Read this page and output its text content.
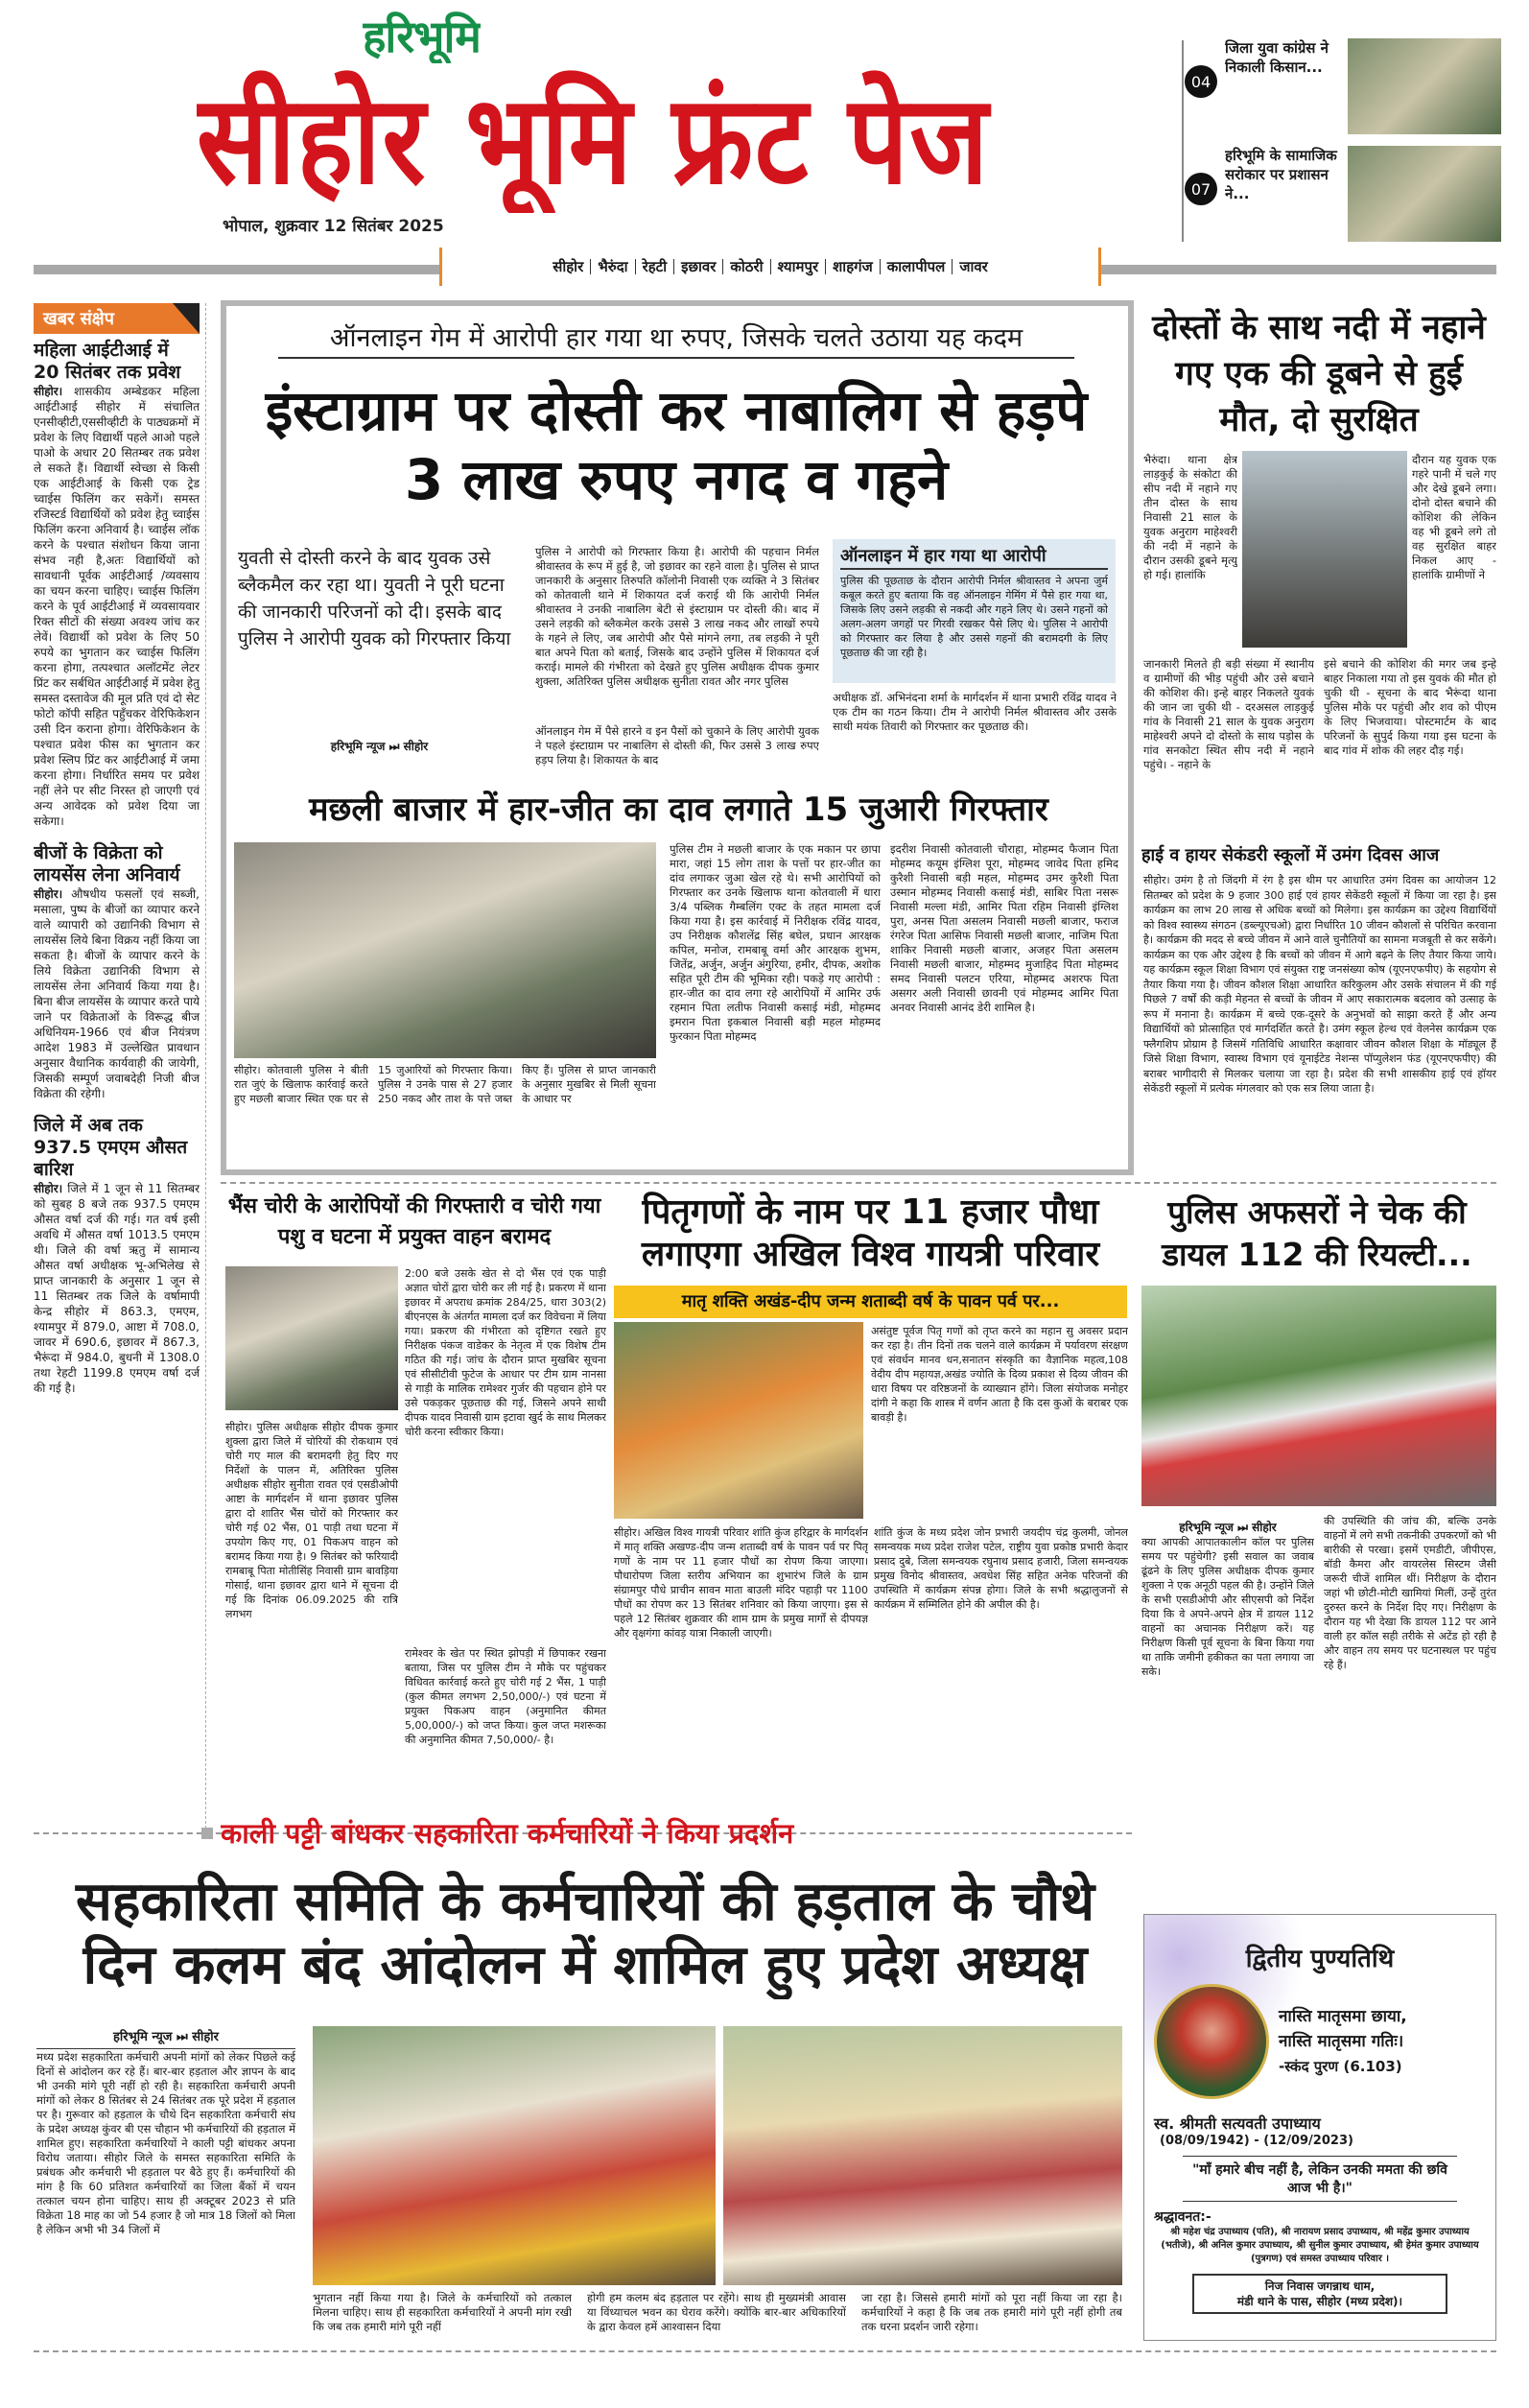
हरिभूमि
सीहोर भूमि फ्रंट पेज
भोपाल, शुक्रवार 12 सितंबर 2025
04
जिला युवा कांग्रेस ने निकाली किसान...
07
हरिभूमि के सामाजिक सरोकार पर प्रशासन ने...
सीहोर	भैरुंदा	रेहटी	इछावर	कोठरी	श्यामपुर	शाहगंज	कालापीपल	जावर
खबर संक्षेप
महिला आईटीआई में 20 सितंबर तक प्रवेश

सीहोर। शासकीय अम्बेडकर महिला आईटीआई सीहोर में संचालित एनसीव्हीटी,एससीव्हीटी के पाठ्यक्रमों में प्रवेश के लिए विद्यार्थी पहले आओ पहले पाओ के अधार 20 सितम्बर तक प्रवेश ले सकते हैं। विद्यार्थी स्वेच्छा से किसी एक आईटीआई के किसी एक ट्रेड च्वाईस फिलिंग कर सकेगें। समस्त रजिस्टर्ड विद्यार्थियों को प्रवेश हेतु च्वाईस फिलिंग करना अनिवार्य है। च्वाईस लॉक करने के पश्चात संशोधन किया जाना संभव नही है,अतः विद्यार्थियों को सावधानी पूर्वक आईटीआई /व्यवसाय का चयन करना चाहिए। च्वाईस फिलिंग करने के पूर्व आईटीआई में व्यवसायवार रिक्त सीटों की संख्या अवश्य जांच कर लेवें। विद्यार्थी को प्रवेश के लिए 50 रुपये का भुगतान कर च्वाईस फिलिंग करना होगा, तत्पश्चात अलॉटमेंट लेटर प्रिंट कर सर्बधित आईटीआई में प्रवेश हेतु समस्त दस्तावेज की मूल प्रति एवं दो सेट फोटो कॉपी सहित पहुँचकर वेरिफिकेशन उसी दिन कराना होगा। वेरिफिकेशन के पश्चात प्रवेश फीस का भुगतान कर प्रवेश स्लिप प्रिंट कर आईटीआई में जमा करना होगा। निर्धारित समय पर प्रवेश नहीं लेने पर सीट निरस्त हो जाएगी एवं अन्य आवेदक को प्रवेश दिया जा सकेगा।

बीजों के विक्रेता को लायसेंस लेना अनिवार्य

सीहोर। औषधीय फसलों एवं सब्जी, मसाला, पुष्प के बीजों का व्यापार करने वाले व्यापारी को उद्यानिकी विभाग से लायसेंस लिये बिना विक्रय नहीं किया जा सकता है। बीजों के व्यापार करने के लिये विक्रेता उद्यानिकी विभाग से लायसेंस लेना अनिवार्य किया गया है। बिना बीज लायसेंस के व्यापार करते पाये जाने पर विक्रेताओं के विरूद्ध बीज अधिनियम-1966 एवं बीज नियंत्रण आदेश 1983 में उल्लेखित प्रावधान अनुसार वैधानिक कार्यवाही की जायेगी, जिसकी सम्पूर्ण जवाबदेही निजी बीज विक्रेता की रहेगी।

जिले में अब तक 937.5 एमएम औसत बारिश

सीहोर। जिले में 1 जून से 11 सितम्बर को सुबह 8 बजे तक 937.5 एमएम औसत वर्षा दर्ज की गई। गत वर्ष इसी अवधि में औसत वर्षा 1013.5 एमएम थी। जिले की वर्षा ऋतु में सामान्य औसत वर्षा अधीक्षक भू-अभिलेख से प्राप्त जानकारी के अनुसार 1 जून से 11 सितम्बर तक जिले के वर्षामापी केन्द्र सीहोर में 863.3, एमएम, श्यामपुर में 879.0, आष्टा में 708.0, जावर में 690.6, इछावर में 867.3, भैरूंदा में 984.0, बुधनी में 1308.0 तथा रेहटी 1199.8 एमएम वर्षा दर्ज की गई है।

ऑनलाइन गेम में आरोपी हार गया था रुपए, जिसके चलते उठाया यह कदम
इंस्टाग्राम पर दोस्ती कर नाबालिग से हड़पे 3 लाख रुपए नगद व गहने
युवती से दोस्ती करने के बाद युवक उसे ब्लैकमैल कर रहा था। युवती ने पूरी घटना की जानकारी परिजनों को दी। इसके बाद पुलिस ने आरोपी युवक को गिरफ्तार किया
हरिभूमि न्यूज ⏭ सीहोर
पुलिस ने आरोपी को गिरफ्तार किया है। आरोपी की पहचान निर्मल श्रीवास्तव के रूप में हुई है, जो इछावर का रहने वाला है। पुलिस से प्राप्त जानकारी के अनुसार तिरुपति कॉलोनी निवासी एक व्यक्ति ने 3 सितंबर को कोतवाली थाने में शिकायत दर्ज कराई थी कि आरोपी निर्मल श्रीवास्तव ने उनकी नाबालिग बेटी से इंस्टाग्राम पर दोस्ती की। बाद में उसने लड़की को ब्लैकमेल करके उससे 3 लाख नकद और लाखों रुपये के गहने ले लिए, जब आरोपी और पैसे मांगने लगा, तब लड़की ने पूरी बात अपने पिता को बताई, जिसके बाद उन्होंने पुलिस में शिकायत दर्ज कराई। मामले की गंभीरता को देखते हुए पुलिस अधीक्षक दीपक कुमार शुक्ला, अतिरिक्त पुलिस अधीक्षक सुनीता रावत और नगर पुलिस
ऑनलाइन गेम में पैसे हारने व इन पैसों को चुकाने के लिए आरोपी युवक ने पहले इंस्टाग्राम पर नाबालिग से दोस्ती की, फिर उससे 3 लाख रुपए हड़प लिया है। शिकायत के बाद
ऑनलाइन में हार गया था आरोपी
पुलिस की पूछताछ के दौरान आरोपी निर्मल श्रीवास्तव ने अपना जुर्म कबूल करते हुए बताया कि वह ऑनलाइन गेमिंग में पैसे हार गया था, जिसके लिए उसने लड़की से नकदी और गहने लिए थे। उसने गहनों को अलग-अलग जगहों पर गिरवी रखकर पैसे लिए थे। पुलिस ने आरोपी को गिरफ्तार कर लिया है और उससे गहनों की बरामदगी के लिए पूछताछ की जा रही है।
अधीक्षक डॉ. अभिनंदना शर्मा के मार्गदर्शन में थाना प्रभारी रविंद्र यादव ने एक टीम का गठन किया। टीम ने आरोपी निर्मल श्रीवास्तव और उसके साथी मयंक तिवारी को गिरफ्तार कर पूछताछ की।
मछली बाजार में हार-जीत का दाव लगाते 15 जुआरी गिरफ्तार
सीहोर। कोतवाली पुलिस ने बीती रात जुएं के खिलाफ कार्रवाई करते हुए मछली बाजार स्थित एक घर से 15 जुआरियों को गिरफ्तार किया। पुलिस ने उनके पास से 27 हजार 250 नकद और ताश के पत्ते जब्त किए हैं। पुलिस से प्राप्त जानकारी के अनुसार मुखबिर से मिली सूचना के आधार पर
पुलिस टीम ने मछली बाजार के एक मकान पर छापा मारा, जहां 15 लोग ताश के पत्तों पर हार-जीत का दांव लगाकर जुआ खेल रहे थे। सभी आरोपियों को गिरफ्तार कर उनके खिलाफ थाना कोतवाली में धारा 3/4 पब्लिक गैम्बलिंग एक्ट के तहत मामला दर्ज किया गया है। इस कार्रवाई में निरीक्षक रविंद्र यादव, उप निरीक्षक कौशलेंद्र सिंह बघेल, प्रधान आरक्षक कपिल, मनोज, रामबाबू वर्मा और आरक्षक शुभम, जितेंद्र, अर्जुन, अर्जुन अंगुरिया, हमीर, दीपक, अशोक सहित पूरी टीम की भूमिका रही। पकड़े गए आरोपी : हार-जीत का दाव लगा रहे आरोपियों में आमिर उर्फ रहमान पिता लतीफ निवासी कसाई मंडी, मोहम्मद इमरान पिता इकबाल निवासी बड़ी महल मोहम्मद फुरकान पिता मोहम्मद
इदरीश निवासी कोतवाली चौराहा, मोहम्मद फैजान पिता मोहम्मद कयूम इंग्लिश पूरा, मोहम्मद जावेद पिता हमिद कुरैशी निवासी बड़ी महल, मोहम्मद उमर कुरैशी पिता उस्मान मोहम्मद निवासी कसाई मंडी, साबिर पिता नसरू निवासी मल्ला मंडी, आमिर पिता रहिम निवासी इंग्लिश पुरा, अनस पिता असलम निवासी मछली बाजार, फराज रंगरेज पिता आसिफ निवासी मछली बाजार, नाजिम पिता शाकिर निवासी मछली बाजार, अजहर पिता असलम निवासी मछली बाजार, मोहम्मद मुजाहिद पिता मोहम्मद समद निवासी पलटन एरिया, मोहम्मद अशरफ पिता असगर अली निवासी छावनी एवं मोहम्मद आमिर पिता अनवर निवासी आनंद डेरी शामिल है।
दोस्तों के साथ नदी में नहाने गए एक की डूबने से हुई मौत, दो सुरक्षित
भैरुंदा। थाना क्षेत्र लाड़कुई के संकोटा की सीप नदी में नहाने गए तीन दोस्त के साथ निवासी 21 साल के युवक अनुराग माहेश्वरी की नदी में नहाने के दौरान उसकी डूबने मृत्यु हो गई। हालांकि
दौरान यह युवक एक गहरे पानी में चले गए और देखे डूबने लगा। दोनो दोस्त बचाने की कोशिश की लेकिन वह भी डूबने लगे तो वह सुरक्षित बाहर निकल आए - हालांकि ग्रामीणों ने
जानकारी मिलते ही बड़ी संख्या में स्थानीय व ग्रामीणों की भीड़ पहुंची और उसे बचाने की कोशिश की। इन्हे बाहर निकलते युवकं की जान जा चुकी थी - दरअसल लाड़कुई गांव के निवासी 21 साल के युवक अनुराग माहेश्वरी अपने दो दोस्तो के साथ पड़ोस के गांव सनकोटा स्थित सीप नदी में नहाने पहुंचे। - नहाने के
इसे बचाने की कोशिश की मगर जब इन्हे बाहर निकाला गया तो इस युवकं की मौत हो चुकी थी - सूचना के बाद भैरूंदा थाना पुलिस मौके पर पहुंची और शव को पीएम के लिए भिजवाया। पोस्टमार्टम के बाद परिजनों के सुपुर्द किया गया इस घटना के बाद गांव में शोक की लहर दौड़ गई।
हाई व हायर सेकंडरी स्कूलों में उमंग दिवस आज
सीहोर। उमंग है तो जिंदगी में रंग है इस थीम पर आधारित उमंग दिवस का आयोजन 12 सितम्बर को प्रदेश के 9 हजार 300 हाई एवं हायर सेकेंडरी स्कूलों में किया जा रहा है। इस कार्यक्रम का लाभ 20 लाख से अधिक बच्चों को मिलेगा। इस कार्यक्रम का उद्देश्य विद्यार्थियों को विश्व स्वास्थ्य संगठन (डब्ल्यूएचओ) द्वारा निर्धारित 10 जीवन कौशलों से परिचित करवाना है। कार्यक्रम की मदद से बच्चे जीवन में आने वाले चुनौतियों का सामना मजबूती से कर सकेंगे। कार्यक्रम का एक और उद्देश्य है कि बच्चों को जीवन में आगे बढ़ने के लिए तैयार किया जाये। यह कार्यक्रम स्कूल शिक्षा विभाग एवं संयुक्त राष्ट्र जनसंख्या कोष (यूएनएफपीए) के सहयोग से तैयार किया गया है। जीवन कौशल शिक्षा आधारित करिकुलम और उसके संचालन में की गई पिछले 7 वर्षों की कड़ी मेहनत से बच्चों के जीवन में आए सकारात्मक बदलाव को उत्साह के रूप में मनाना है। कार्यक्रम में बच्चे एक-दूसरे के अनुभवों को साझा करते हैं और अन्य विद्यार्थियों को प्रोत्साहित एवं मार्गदर्शित करते है। उमंग स्कूल हेल्थ एवं वेलनेस कार्यक्रम एक फ्लैगशिप प्रोग्राम है जिसमें गतिविधि आधारित कक्षावार जीवन कौशल शिक्षा के मॉड्यूल हैं जिसे शिक्षा विभाग, स्वास्थ विभाग एवं यूनाईटेड नेशन्स पॉप्युलेशन फंड (यूएनएफपीए) की बराबर भागीदारी से मिलकर चलाया जा रहा है। प्रदेश की सभी शासकीय हाई एवं हॉयर सेकेंडरी स्कूलों में प्रत्येक मंगलवार को एक सत्र लिया जाता है।
भैंस चोरी के आरोपियों की गिरफ्तारी व चोरी गया पशु व घटना में प्रयुक्त वाहन बरामद
2:00 बजे उसके खेत से दो भैंस एवं एक पाड़ी अज्ञात चोरों द्वारा चोरी कर ली गई है। प्रकरण में थाना इछावर में अपराध क्रमांक 284/25, धारा 303(2) बीएनएस के अंतर्गत मामला दर्ज कर विवेचना में लिया गया। प्रकरण की गंभीरता को दृष्टिगत रखते हुए निरीक्षक पंकज वाडेकर के नेतृत्व में एक विशेष टीम गठित की गई। जांच के दौरान प्राप्त मुखबिर सूचना एवं सीसीटीवी फुटेज के आधार पर टीम ग्राम नानसा से गाड़ी के मालिक रामेश्वर गुर्जर की पहचान होने पर उसे पकड़कर पूछताछ की गई, जिसने अपने साथी दीपक यादव निवासी ग्राम इटावा खुर्द के साथ मिलकर चोरी करना स्वीकार किया।
सीहोर। पुलिस अधीक्षक सीहोर दीपक कुमार शुक्ला द्वारा जिले में चोरियों की रोकथाम एवं चोरी गए माल की बरामदगी हेतु दिए गए निर्देशों के पालन में, अतिरिक्त पुलिस अधीक्षक सीहोर सुनीता रावत एवं एसडीओपी आष्टा के मार्गदर्शन में थाना इछावर पुलिस द्वारा दो शातिर भैंस चोरों को गिरफ्तार कर चोरी गई 02 भैंस, 01 पाड़ी तथा घटना में उपयोग किए गए, 01 पिकअप वाहन को बरामद किया गया है। 9 सितंबर को फरियादी रामबाबू पिता मोतीसिंह निवासी ग्राम बावड़िया गोसाई, थाना इछावर द्वारा थाने में सूचना दी गई कि दिनांक 06.09.2025 की रात्रि लगभग
रामेश्वर के खेत पर स्थित झोपड़ी में छिपाकर रखना बताया, जिस पर पुलिस टीम ने मौके पर पहुंचकर विधिवत कार्रवाई करते हुए चोरी गई 2 भैंस, 1 पाड़ी (कुल कीमत लगभग 2,50,000/-) एवं घटना में प्रयुक्त पिकअप वाहन (अनुमानित कीमत 5,00,000/-) को जप्त किया। कुल जप्त मशरूका की अनुमानित कीमत 7,50,000/- है।
पितृगणों के नाम पर 11 हजार पौधा लगाएगा अखिल विश्व गायत्री परिवार
मातृ शक्ति अखंड-दीप जन्म शताब्दी वर्ष के पावन पर्व पर...
असंतुष्ट पूर्वज पितृ गणों को तृप्त करने का महान सु अवसर प्रदान कर रहा है। तीन दिनों तक चलने वाले कार्यक्रम में पर्यावरण संरक्षण एवं संवर्धन मानव धन,सनातन संस्कृति का वैज्ञानिक महत्व,108 वेदीय दीप महायज्ञ,अखंड ज्योति के दिव्य प्रकाश से दिव्य जीवन की धारा विषय पर वरिष्ठजनों के व्याख्यान होंगे। जिला संयोजक मनोहर दांगी ने कहा कि शास्त्र में वर्णन आता है कि दस कुओं के बराबर एक बावड़ी है।
सीहोर। अखिल विश्व गायत्री परिवार शांति कुंज हरिद्वार के मार्गदर्शन में मातृ शक्ति अखण्ड-दीप जन्म शताब्दी वर्ष के पावन पर्व पर पितृ गणों के नाम पर 11 हजार पौधों का रोपण किया जाएगा। पौधारोपण जिला स्तरीय अभियान का शुभारंभ जिले के ग्राम संग्रामपुर पौधे प्राचीन सावन माता बाउली मंदिर पहाड़ी पर 1100 पौधों का रोपण कर 13 सितंबर शनिवार को किया जाएगा। इस से पहले 12 सितंबर शुक्रवार की शाम ग्राम के प्रमुख मार्गों से दीपयज्ञ और वृक्षगंगा कांवड़ यात्रा निकाली जाएगी।
शांति कुंज के मध्य प्रदेश जोन प्रभारी जयदीप चंद्र कुलमी, जोनल समन्वयक मध्य प्रदेश राजेश पटेल, राष्ट्रीय युवा प्रकोष्ठ प्रभारी केदार प्रसाद दुबे, जिला समन्वयक रघुनाथ प्रसाद हजारी, जिला समन्वयक प्रमुख विनोद श्रीवास्तव, अवधेश सिंह सहित अनेक परिजनों की उपस्थिति में कार्यक्रम संपन्न होगा। जिले के सभी श्रद्धालुजनों से कार्यक्रम में सम्मिलित होने की अपील की है।
पुलिस अफसरों ने चेक की डायल 112 की रियल्टी...
हरिभूमि न्यूज ⏭ सीहोर
क्या आपकी आपातकालीन कॉल पर पुलिस समय पर पहुंचेगी? इसी सवाल का जवाब ढूंढने के लिए पुलिस अधीक्षक दीपक कुमार शुक्ला ने एक अनूठी पहल की है। उन्होंने जिले के सभी एसडीओपी और सीएसपी को निर्देश दिया कि वे अपने-अपने क्षेत्र में डायल 112 वाहनों का अचानक निरीक्षण करें। यह निरीक्षण किसी पूर्व सूचना के बिना किया गया था ताकि जमीनी हकीकत का पता लगाया जा सके।
की उपस्थिति की जांच की, बल्कि उनके वाहनों में लगे सभी तकनीकी उपकरणों को भी बारीकी से परखा। इसमें एमडीटी, जीपीएस, बॉडी कैमरा और वायरलेस सिस्टम जैसी जरूरी चीजें शामिल थीं। निरीक्षण के दौरान जहां भी छोटी-मोटी खामियां मिलीं, उन्हें तुरंत दुरुस्त करने के निर्देश दिए गए। निरीक्षण के दौरान यह भी देखा कि डायल 112 पर आने वाली हर कॉल सही तरीके से अटेंड हो रही है और वाहन तय समय पर घटनास्थल पर पहुंच रहे हैं।
काली पट्टी बांधकर सहकारिता कर्मचारियों ने किया प्रदर्शन
सहकारिता समिति के कर्मचारियों की हड़ताल के चौथे दिन कलम बंद आंदोलन में शामिल हुए प्रदेश अध्यक्ष
हरिभूमि न्यूज ⏭ सीहोर
मध्य प्रदेश सहकारिता कर्मचारी अपनी मांगों को लेकर पिछले कई दिनों से आंदोलन कर रहे हैं। बार-बार हड़ताल और ज्ञापन के बाद भी उनकी मांगे पूरी नहीं हो रही है। सहकारिता कर्मचारी अपनी मांगों को लेकर 8 सितंबर से 24 सितंबर तक पूरे प्रदेश में हड़ताल पर है। गुरूवार को हड़ताल के चौथे दिन सहकारिता कर्मचारी संघ के प्रदेश अध्यक्ष कुंवर बी एस चौहान भी कर्मचारियों की हड़ताल में शामिल हुए। सहकारिता कर्मचारियों ने काली पट्टी बांधकर अपना विरोध जताया। सीहोर जिले के समस्त सहकारिता समिति के प्रबंधक और कर्मचारी भी हड़ताल पर बैठे हुए हैं। कर्मचारियों की मांग है कि 60 प्रतिशत कर्मचारियों का जिला बैंकों में चयन तत्काल चयन होना चाहिए। साथ ही अक्टूबर 2023 से प्रति विक्रेता 18 माह का जो 54 हजार है जो मात्र 18 जिलों को मिला है लेकिन अभी भी 34 जिलों में
भुगतान नहीं किया गया है। जिले के कर्मचारियों को तत्काल मिलना चाहिए। साथ ही सहकारिता कर्मचारियों ने अपनी मांग रखी कि जब तक हमारी मांगे पूरी नहीं
होगी हम कलम बंद हड़ताल पर रहेंगे। साथ ही मुख्यमंत्री आवास या विंध्याचल भवन का घेराव करेंगे। क्योंकि बार-बार अधिकारियों के द्वारा केवल हमें आश्वासन दिया
जा रहा है। जिससे हमारी मांगों को पूरा नहीं किया जा रहा है। कर्मचारियों ने कहा है कि जब तक हमारी मांगे पूरी नहीं होगी तब तक धरना प्रदर्शन जारी रहेगा।
द्वितीय पुण्यतिथि
नास्ति मातृसमा छाया,
नास्ति मातृसमा गतिः।
-स्कंद पुरण (6.103)
स्व. श्रीमती सत्यवती उपाध्याय
(08/09/1942) - (12/09/2023)
"माँ हमारे बीच नहीं है, लेकिन उनकी ममता की छवि आज भी है।"
श्रद्धावनत:-
श्री महेश चंद्र उपाध्याय (पति), श्री नारायण प्रसाद उपाध्याय, श्री महेंद्र कुमार उपाध्याय (भतीजे), श्री अनिल कुमार उपाध्याय, श्री सुनील कुमार उपाध्याय, श्री हेमंत कुमार उपाध्याय (पुत्रगण) एवं समस्त उपाध्याय परिवार ।
निज निवास जगन्नाथ धाम,
मंडी थाने के पास, सीहोर (मध्य प्रदेश)।
